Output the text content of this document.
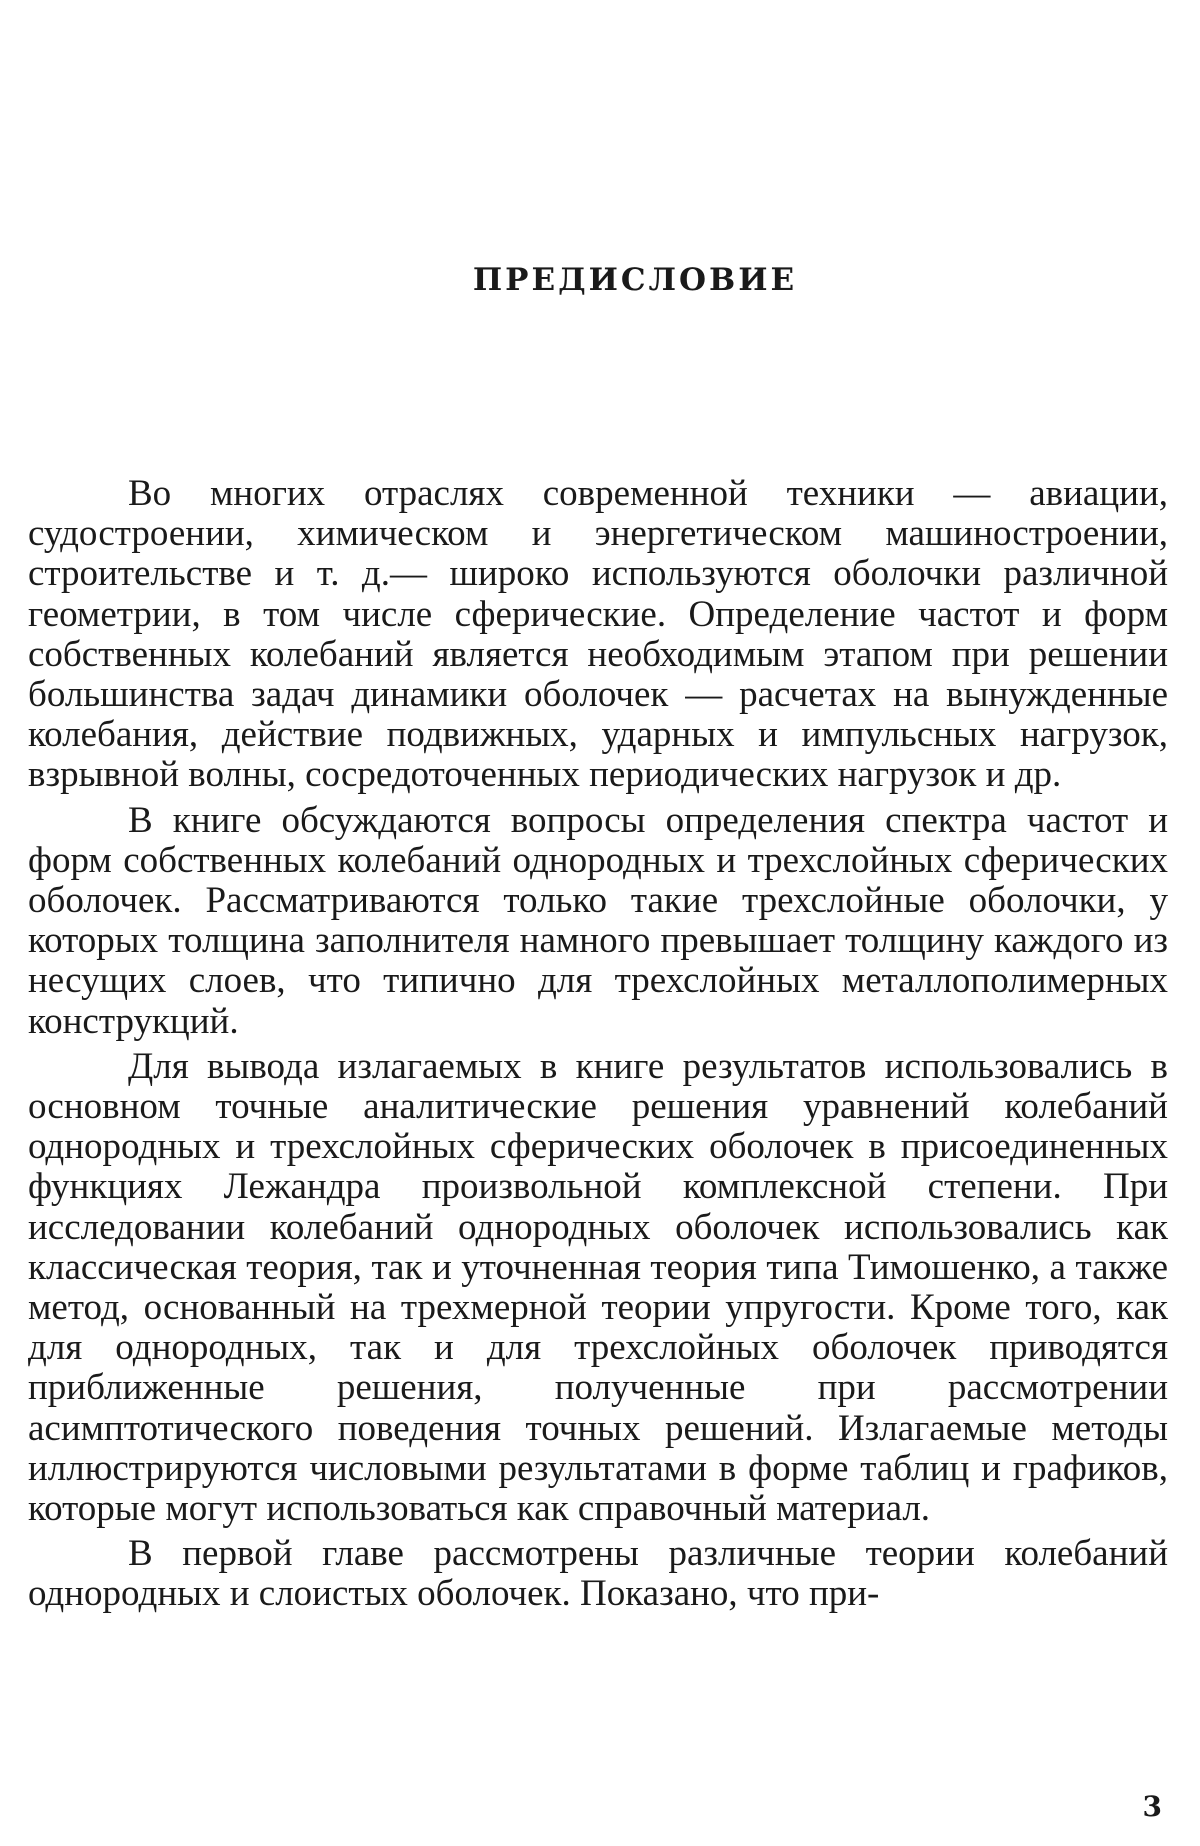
ПРЕДИСЛОВИЕ

Во многих отраслях современной техники — авиации, судостроении, химическом и энергетическом машиностроении, строительстве и т. д.— широко используются оболочки различной геометрии, в том числе сферические. Определение частот и форм собственных колебаний является необходимым этапом при решении большинства задач динамики оболочек — расчетах на вынужденные колебания, действие подвижных, ударных и импульсных нагрузок, взрывной волны, сосредоточенных периодических нагрузок и др.

В книге обсуждаются вопросы определения спектра частот и форм собственных колебаний однородных и трехслойных сферических оболочек. Рассматриваются только такие трехслойные оболочки, у которых толщина заполнителя намного превышает толщину каждого из несущих слоев, что типично для трехслойных металлополимерных конструкций.

Для вывода излагаемых в книге результатов использовались в основном точные аналитические решения уравнений колебаний однородных и трехслойных сферических оболочек в присоединенных функциях Лежандра произвольной комплексной степени. При исследовании колебаний однородных оболочек использовались как классическая теория, так и уточненная теория типа Тимошенко, а также метод, основанный на трехмерной теории упругости. Кроме того, как для однородных, так и для трехслойных оболочек приводятся приближенные решения, полученные при рассмотрении асимптотического поведения точных решений. Излагаемые методы иллюстрируются числовыми результатами в форме таблиц и графиков, которые могут использоваться как справочный материал.

В первой главе рассмотрены различные теории колебаний однородных и слоистых оболочек. Показано, что при-

3
